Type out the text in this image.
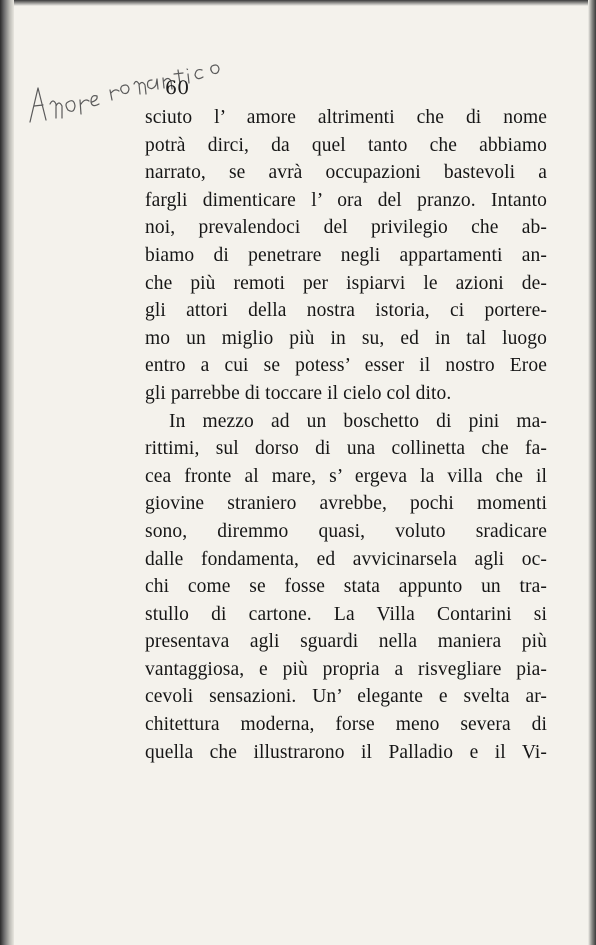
60
sciuto l’ amore altrimenti che di nome
potrà dirci, da quel tanto che abbiamo
narrato, se avrà occupazioni bastevoli a
fargli dimenticare l’ ora del pranzo. Intanto
noi, prevalendoci del privilegio che ab-
biamo di penetrare negli appartamenti an-
che più remoti per ispiarvi le azioni de-
gli attori della nostra istoria, ci portere-
mo un miglio più in su, ed in tal luogo
entro a cui se potess’ esser il nostro Eroe
gli parrebbe di toccare il cielo col dito.
In mezzo ad un boschetto di pini ma-
rittimi, sul dorso di una collinetta che fa-
cea fronte al mare, s’ ergeva la villa che il
giovine straniero avrebbe, pochi momenti
sono, diremmo quasi, voluto sradicare
dalle fondamenta, ed avvicinarsela agli oc-
chi come se fosse stata appunto un tra-
stullo di cartone. La Villa Contarini si
presentava agli sguardi nella maniera più
vantaggiosa, e più propria a risvegliare pia-
cevoli sensazioni. Un’ elegante e svelta ar-
chitettura moderna, forse meno severa di
quella che illustrarono il Palladio e il Vi-
